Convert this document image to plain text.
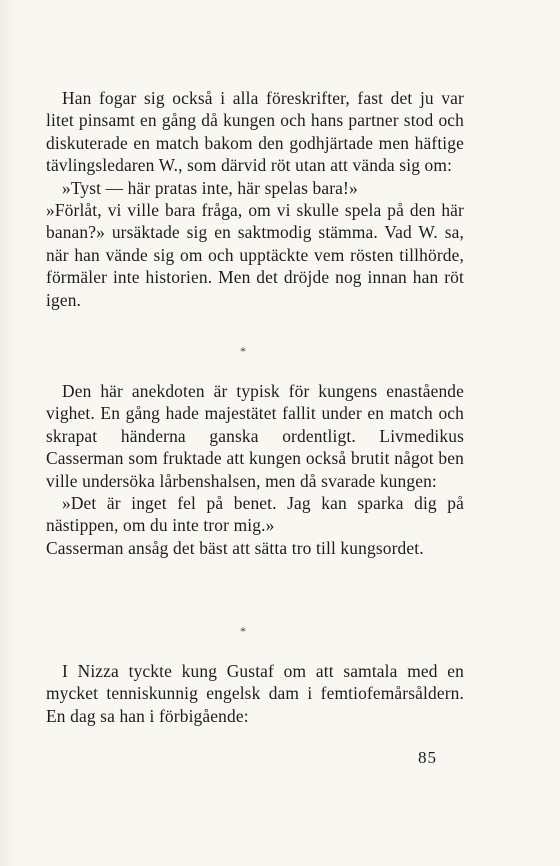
Han fogar sig också i alla föreskrifter, fast det ju var litet pinsamt en gång då kungen och hans partner stod och diskuterade en match bakom den godhjärtade men häftige tävlingsledaren W., som därvid röt utan att vända sig om:

»Tyst — här pratas inte, här spelas bara!»

»Förlåt, vi ville bara fråga, om vi skulle spela på den här banan?» ursäktade sig en saktmodig stämma. Vad W. sa, när han vände sig om och upptäckte vem rösten tillhörde, förmäler inte historien. Men det dröjde nog innan han röt igen.

*

Den här anekdoten är typisk för kungens enastående vighet. En gång hade majestätet fallit under en match och skrapat händerna ganska ordentligt. Livmedikus Casserman som fruktade att kungen också brutit något ben ville undersöka lårbenshalsen, men då svarade kungen:

»Det är inget fel på benet. Jag kan sparka dig på nästippen, om du inte tror mig.»

Casserman ansåg det bäst att sätta tro till kungsordet.

*

I Nizza tyckte kung Gustaf om att samtala med en mycket tenniskunnig engelsk dam i femtiofemårsåldern. En dag sa han i förbigående:

85
